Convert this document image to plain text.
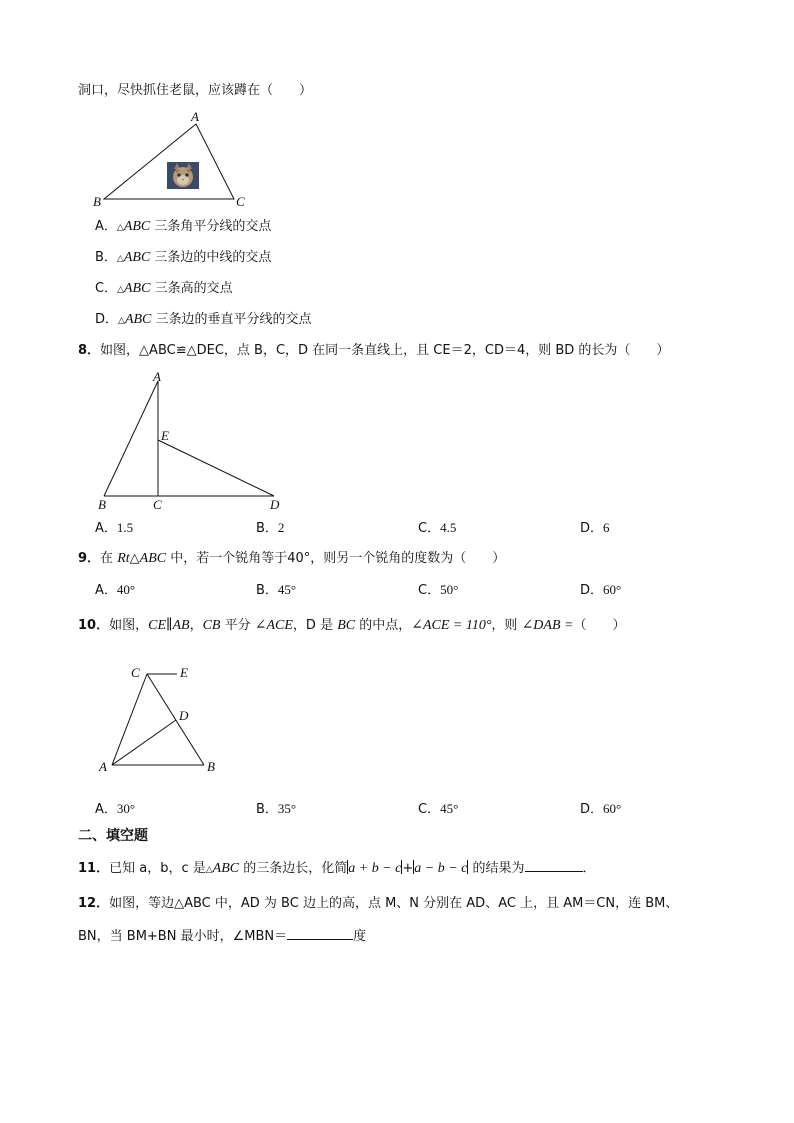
洞口，尽快抓住老鼠，应该蹲在（　　）
A
B	C
A．△ABC 三条角平分线的交点
B．△ABC 三条边的中线的交点
C．△ABC 三条高的交点
D．△ABC 三条边的垂直平分线的交点
8．如图，△ABC≌△DEC，点 B，C，D 在同一条直线上，且 CE＝2，CD＝4，则 BD 的长为（　　）
A
E
B	C	D
A．1.5	B．2	C．4.5	D．6
9．在 Rt△ABC 中，若一个锐角等于40°，则另一个锐角的度数为（　　）
A．40°	B．45°	C．50°	D．60°
10．如图，CE∥AB，CB 平分 ∠ACE，D 是 BC 的中点，∠ACE = 110°，则 ∠DAB =（　　）
C	E
D
A	B
A．30°	B．35°	C．45°	D．60°
二、填空题
11．已知 a，b，c 是△ABC 的三条边长，化简a + b − c+a − b − c 的结果为	．
12．如图，等边△ABC 中，AD 为 BC 边上的高，点 M、N 分别在 AD、AC 上，且 AM＝CN，连 BM、
BN，当 BM+BN 最小时，∠MBN＝	度
